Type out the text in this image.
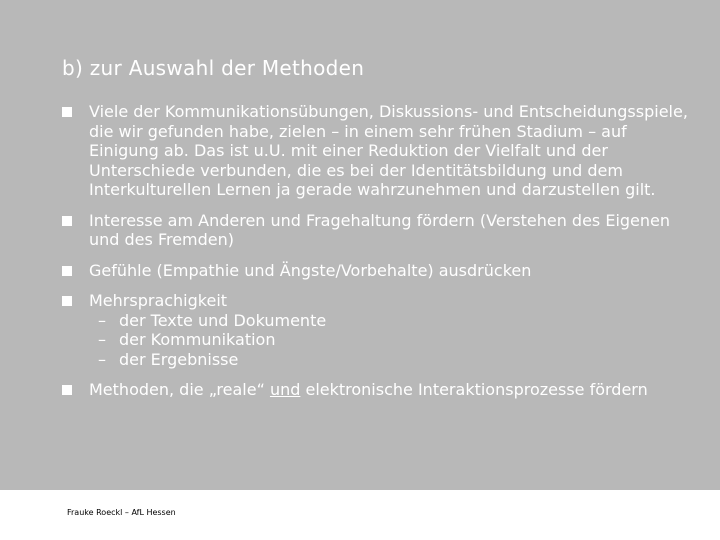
b) zur Auswahl der Methoden
Viele der Kommunikationsübungen, Diskussions- und Entscheidungsspiele, die wir gefunden habe, zielen – in einem sehr frühen Stadium – auf Einigung ab. Das ist u.U. mit einer Reduktion der Vielfalt und der Unterschiede verbunden, die es bei der Identitätsbildung und dem Interkulturellen Lernen ja gerade wahrzunehmen und darzustellen gilt.
Interesse am Anderen und Fragehaltung fördern (Verstehen des Eigenen und des Fremden)
Gefühle (Empathie und Ängste/Vorbehalte) ausdrücken
Mehrsprachigkeit
– der Texte und Dokumente
– der Kommunikation
– der Ergebnisse
Methoden, die „reale“ und elektronische Interaktionsprozesse fördern
Frauke Roeckl – AfL Hessen
